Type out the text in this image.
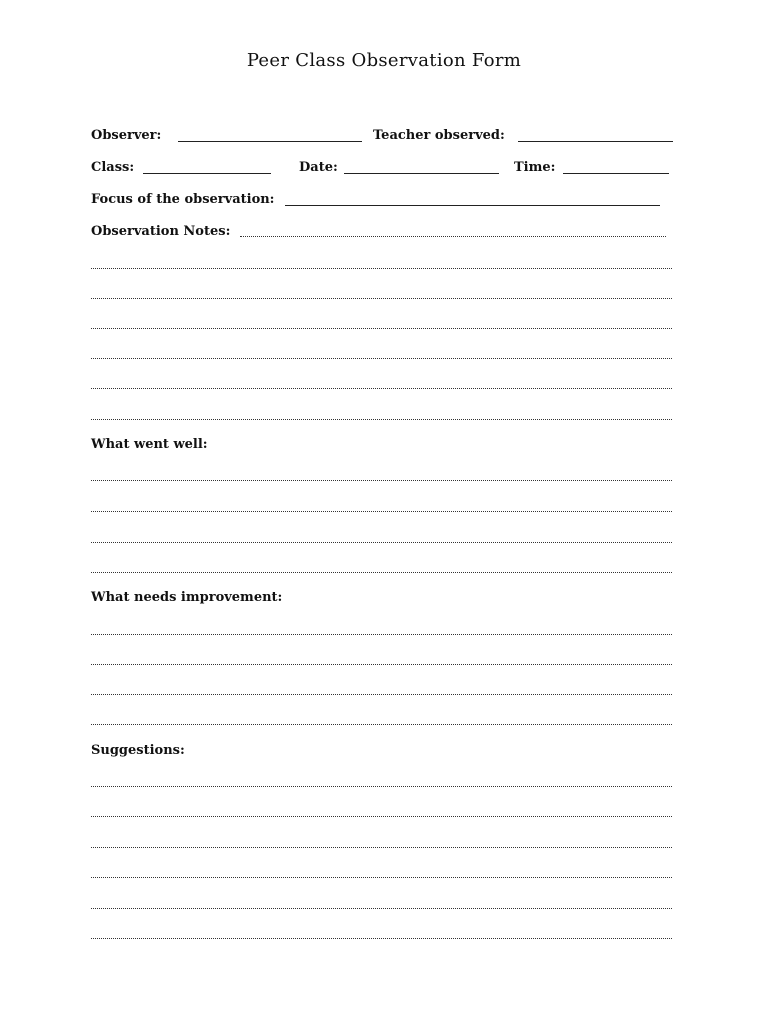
Peer Class Observation Form
Observer:	Teacher observed:
Class:	Date:	Time:
Focus of the observation:
Observation Notes:
What went well:
What needs improvement:
Suggestions:
